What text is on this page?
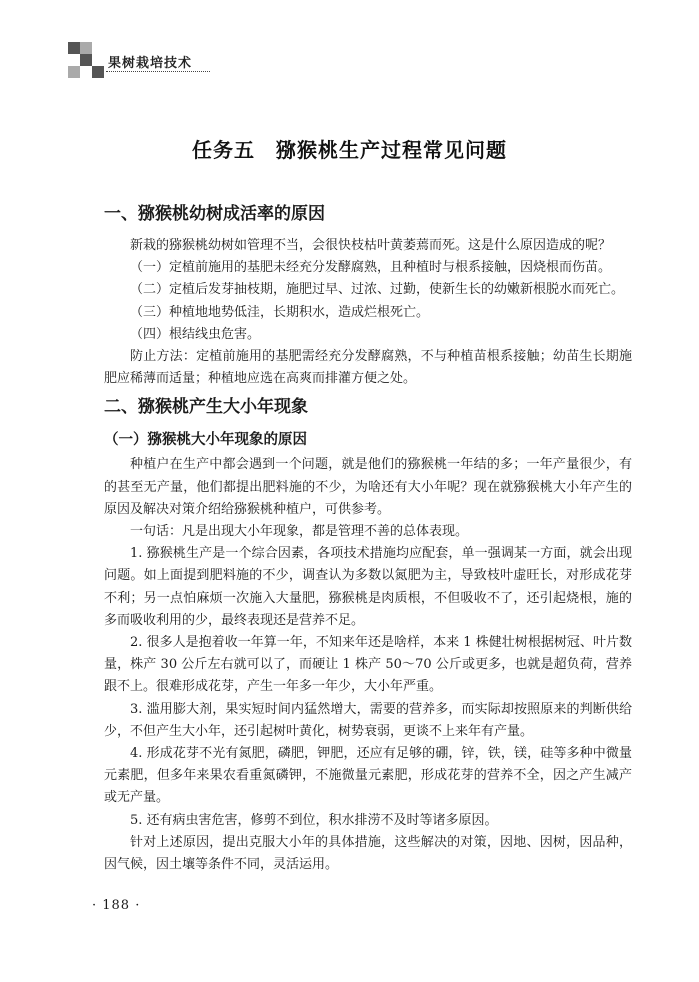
果树栽培技术
任务五　猕猴桃生产过程常见问题
一、猕猴桃幼树成活率的原因

新栽的猕猴桃幼树如管理不当，会很快枝枯叶黄萎蔫而死。这是什么原因造成的呢？

（一）定植前施用的基肥未经充分发酵腐熟，且种植时与根系接触，因烧根而伤苗。

（二）定植后发芽抽枝期，施肥过早、过浓、过勤，使新生长的幼嫩新根脱水而死亡。

（三）种植地地势低洼，长期积水，造成烂根死亡。

（四）根结线虫危害。

防止方法：定植前施用的基肥需经充分发酵腐熟，不与种植苗根系接触；幼苗生长期施肥应稀薄而适量；种植地应选在高爽而排灌方便之处。

二、猕猴桃产生大小年现象
（一）猕猴桃大小年现象的原因

种植户在生产中都会遇到一个问题，就是他们的猕猴桃一年结的多；一年产量很少，有的甚至无产量，他们都提出肥料施的不少，为啥还有大小年呢？现在就猕猴桃大小年产生的原因及解决对策介绍给猕猴桃种植户，可供参考。

一句话：凡是出现大小年现象，都是管理不善的总体表现。

1. 猕猴桃生产是一个综合因素，各项技术措施均应配套，单一强调某一方面，就会出现问题。如上面提到肥料施的不少，调查认为多数以氮肥为主，导致枝叶虚旺长，对形成花芽不利；另一点怕麻烦一次施入大量肥，猕猴桃是肉质根，不但吸收不了，还引起烧根，施的多而吸收利用的少，最终表现还是营养不足。

2. 很多人是抱着收一年算一年，不知来年还是啥样，本来 1 株健壮树根据树冠、叶片数量，株产 30 公斤左右就可以了，而硬让 1 株产 50～70 公斤或更多，也就是超负荷，营养跟不上。很难形成花芽，产生一年多一年少，大小年严重。

3. 滥用膨大剂，果实短时间内猛然增大，需要的营养多，而实际却按照原来的判断供给少，不但产生大小年，还引起树叶黄化，树势衰弱，更谈不上来年有产量。

4. 形成花芽不光有氮肥，磷肥，钾肥，还应有足够的硼，锌，铁，镁，硅等多种中微量元素肥，但多年来果农看重氮磷钾，不施微量元素肥，形成花芽的营养不全，因之产生减产或无产量。

5. 还有病虫害危害，修剪不到位，积水排涝不及时等诸多原因。

针对上述原因，提出克服大小年的具体措施，这些解决的对策，因地、因树，因品种，因气候，因土壤等条件不同，灵活运用。

· 188 ·
